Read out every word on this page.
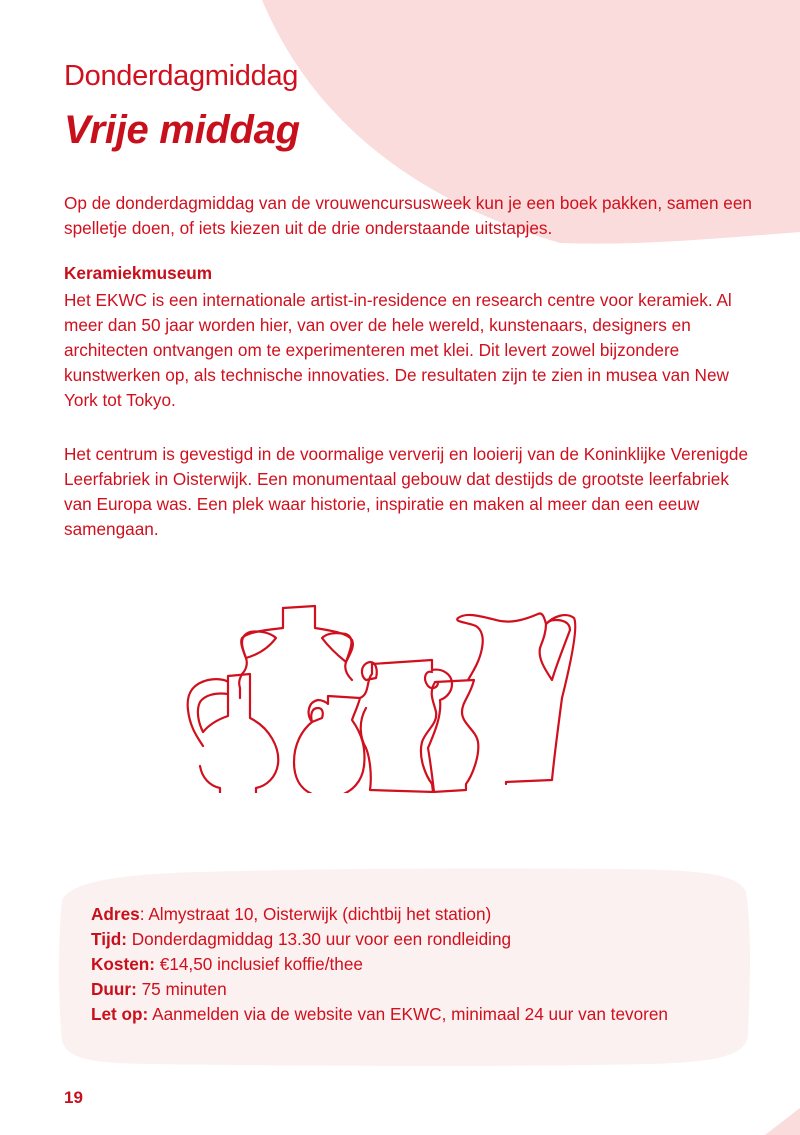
Donderdagmiddag
Vrije middag

Op de donderdagmiddag van de vrouwencursusweek kun je een boek pakken, samen een spelletje doen, of iets kiezen uit de drie onderstaande uitstapjes.

Keramiekmuseum

Het EKWC is een internationale artist-in-residence en research centre voor keramiek. Al meer dan 50 jaar worden hier, van over de hele wereld, kunstenaars, designers en architecten ontvangen om te experimenteren met klei. Dit levert zowel bijzondere kunstwerken op, als technische innovaties. De resultaten zijn te zien in musea van New York tot Tokyo.

Het centrum is gevestigd in de voormalige ververij en looierij van de Koninklijke Verenigde Leerfabriek in Oisterwijk. Een monumentaal gebouw dat destijds de grootste leerfabriek van Europa was. Een plek waar historie, inspiratie en maken al meer dan een eeuw samengaan.

Adres: Almystraat 10, Oisterwijk (dichtbij het station)
Tijd: Donderdagmiddag 13.30 uur voor een rondleiding
Kosten: €14,50 inclusief koffie/thee
Duur: 75 minuten
Let op: Aanmelden via de website van EKWC, minimaal 24 uur van tevoren
19
